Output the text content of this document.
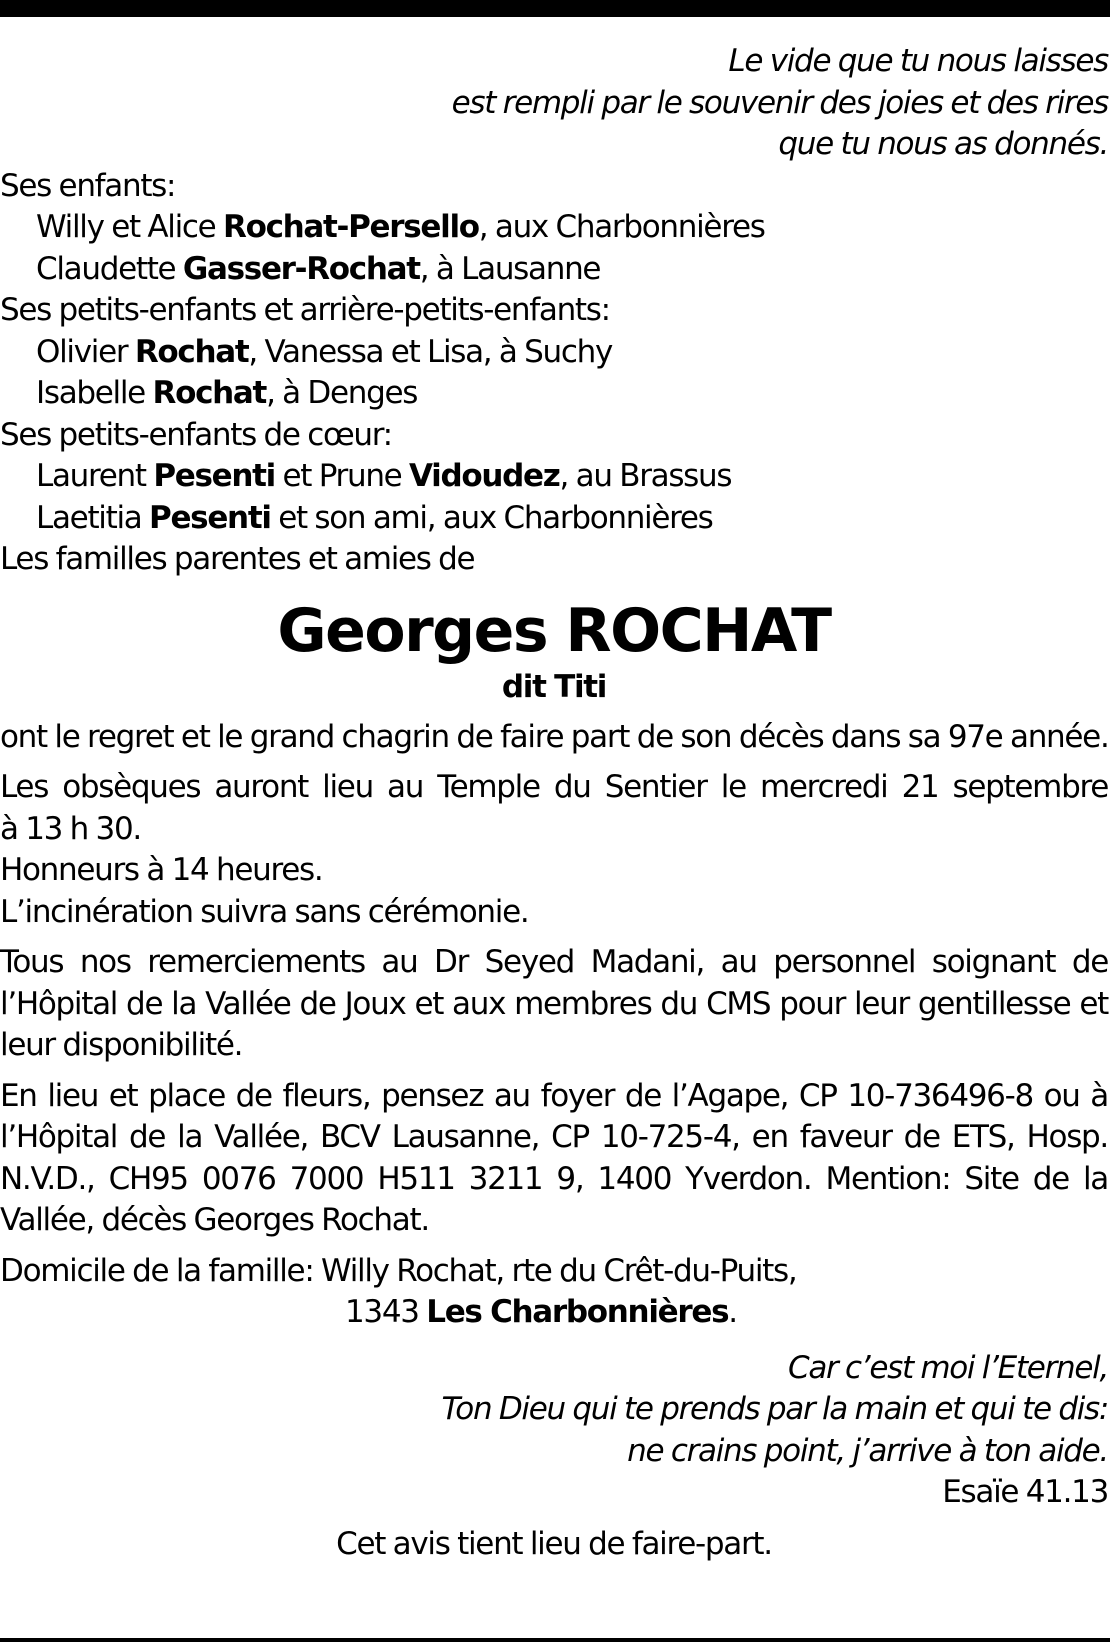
Le vide que tu nous laisses
est rempli par le souvenir des joies et des rires
que tu nous as donnés.
Ses enfants:
Willy et Alice Rochat-Persello, aux Charbonnières
Claudette Gasser-Rochat, à Lausanne
Ses petits-enfants et arrière-petits-enfants:
Olivier Rochat, Vanessa et Lisa, à Suchy
Isabelle Rochat, à Denges
Ses petits-enfants de cœur:
Laurent Pesenti et Prune Vidoudez, au Brassus
Laetitia Pesenti et son ami, aux Charbonnières
Les familles parentes et amies de
Georges ROCHAT
dit Titi
ont le regret et le grand chagrin de faire part de son décès dans sa 97e année.
Les obsèques auront lieu au Temple du Sentier le mercredi 21 septembre
à 13 h 30.
Honneurs à 14 heures.
L’incinération suivra sans cérémonie.
Tous nos remerciements au Dr Seyed Madani, au personnel soignant de l’Hôpital de la Vallée de Joux et aux membres du CMS pour leur gentillesse et leur disponibilité.
En lieu et place de fleurs, pensez au foyer de l’Agape, CP 10-736496-8 ou à l’Hôpital de la Vallée, BCV Lausanne, CP 10-725-4, en faveur de ETS, Hosp. N.V.D., CH95 0076 7000 H511 3211 9, 1400 Yverdon. Mention: Site de la Vallée, décès Georges Rochat.
Domicile de la famille: Willy Rochat, rte du Crêt-du-Puits,
1343 Les Charbonnières.
Car c’est moi l’Eternel,
Ton Dieu qui te prends par la main et qui te dis:
ne crains point, j’arrive à ton aide.
Esaïe 41.13
Cet avis tient lieu de faire-part.
